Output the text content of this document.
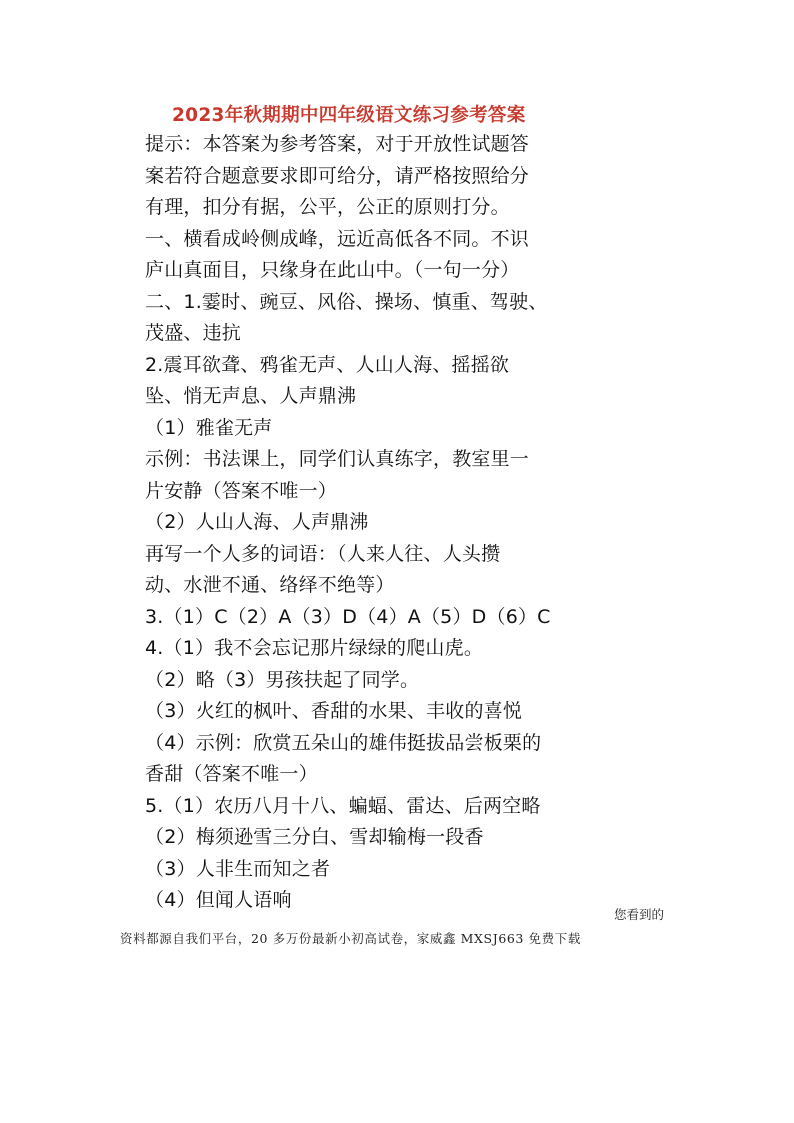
2023年秋期期中四年级语文练习参考答案
提示：本答案为参考答案，对于开放性试题答
案若符合题意要求即可给分，请严格按照给分
有理，扣分有据，公平，公正的原则打分。
一、横看成岭侧成峰，远近高低各不同。不识
庐山真面目，只缘身在此山中。（一句一分）
二、1.霎时、豌豆、风俗、操场、慎重、驾驶、
茂盛、违抗
2.震耳欲聋、鸦雀无声、人山人海、摇摇欲
坠、悄无声息、人声鼎沸
（1）雅雀无声
示例：书法课上，同学们认真练字，教室里一
片安静（答案不唯一）
（2）人山人海、人声鼎沸
再写一个人多的词语：（人来人往、人头攒
动、水泄不通、络绎不绝等）
3.（1）C（2）A（3）D（4）A（5）D（6）C
4.（1）我不会忘记那片绿绿的爬山虎。
（2）略（3）男孩扶起了同学。
（3）火红的枫叶、香甜的水果、丰收的喜悦
（4）示例：欣赏五朵山的雄伟挺拔品尝板栗的
香甜（答案不唯一）
5.（1）农历八月十八、蝙蝠、雷达、后两空略
（2）梅须逊雪三分白、雪却输梅一段香
（3）人非生而知之者
（4）但闻人语响
您看到的
资料都源自我们平台，20 多万份最新小初高试卷，家威鑫 MXSJ663 免费下载
